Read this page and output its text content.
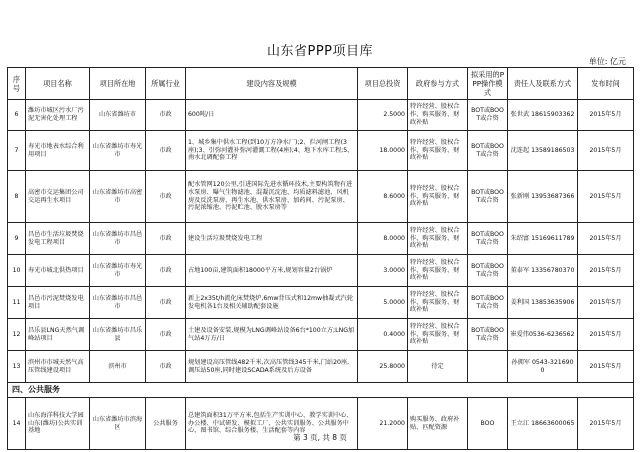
山东省PPP项目库
单位: 亿元
序号	项目名称	项目所在地	所属行业	建设内容及规模	项目总投资	政府参与方式	拟采用的PPP操作模式	责任人及联系方式	发布时间
6	潍坊市城区污水厂污泥无害化处理工程	山东省潍坊市	市政	600吨/日	2.5000	特许经营、股权合作、购买服务、财政补贴	BOT或BOOT或合资	张世武 18615903362	2015年5月
7	寿光市地表水综合利用项目	山东省潍坊市寿光市	市政	1、城乡集中供水工程(到10万方净水厂);2、拦河闸工程(3座);3、引弥河灌补弥河灌溉工程(4座);4、地下水库工程;5、南水北调配套工程	18.0000	特许经营、股权合作、购买服务、财政补贴	BOT或BOOT或合资	沈连起 13589186503	2015年5月
8	高密市交运集团公司交运再生水项目	山东省潍坊市高密市	市政	配水管网120公里,引进国际先进水循环技术,主要构筑物有进水泵房、曝气生物滤池、混凝沉淀池、均质滤料滤池、风机房及反洗泵房、再生水池、供水泵房、加药间、污泥泵房、污泥浓缩池、污泥贮池、脱水泵房等	8.6000	特许经营、股权合作、购买服务、财政补贴	BOT或BOOT或合资	张新刚 13953687366	2015年5月
9	昌邑市生活垃圾焚烧发电工程项目	山东省潍坊市昌邑市	市政	建设生活垃圾焚烧发电工程	8.0000	特许经营、股权合作、购买服务、财政补贴	BOT或BOOT或合资	朱绍富 15169611789	2015年5月
10	寿光市城北供热项目	山东省潍坊市寿光市	市政	占地100亩,建筑面积18000平方米,规划容量2台锅炉	3.0000	特许经营、股权合作、购买服务、财政补贴	BOT或BOOT或合资	董泰军 13356780370	2015年5月
11	昌邑市污泥焚烧发电项目	山东省潍坊市昌邑市	市政	新上2x35t/h流化床焚烧炉,6mw背压式和12mw抽凝式汽轮发电机各1台及相关辅助配套设施	5.0000	特许经营、股权合作、购买服务、财政补贴	BOT或BOOT或合资	姜利国 13853635906	2015年5月
12	昌乐县LNG天然气调峰站项目	山东省潍坊市昌乐县	市政	土建及设备安装,规模为LNG调峰站设备6台*100立方;LNG加气站4万方/日	0.4000	特许经营、股权合作、购买服务、财政补贴	BOT或BOOT或合资	崔爱伟0536-6236562	2015年5月
13	滨州市市城天然气高压管线建设项目	滨州市	市政	规划建设高压管线482千米,次高压管线345千米,门站20座,调压站50座,同时建设SCADA系统及后方设备	25.8000	待定		孙拥军 0543-3216900	2015年5月
四、公共服务									
14	山东海洋科技大学园山东(潍坊)公共实训基地	山东省潍坊市滨海区	公共服务	总建筑面积31万平方米,包括生产实训中心、教学实训中心、办公楼、中试研发、模拟工厂、公共实训服务、公共服务中心、图书馆、综合服务楼、生活配套等内容	21.2000	购买服务、政府补贴、匹配资源	BOO	王立江 18663600065	2015年5月
第 3 页, 共 8 页
